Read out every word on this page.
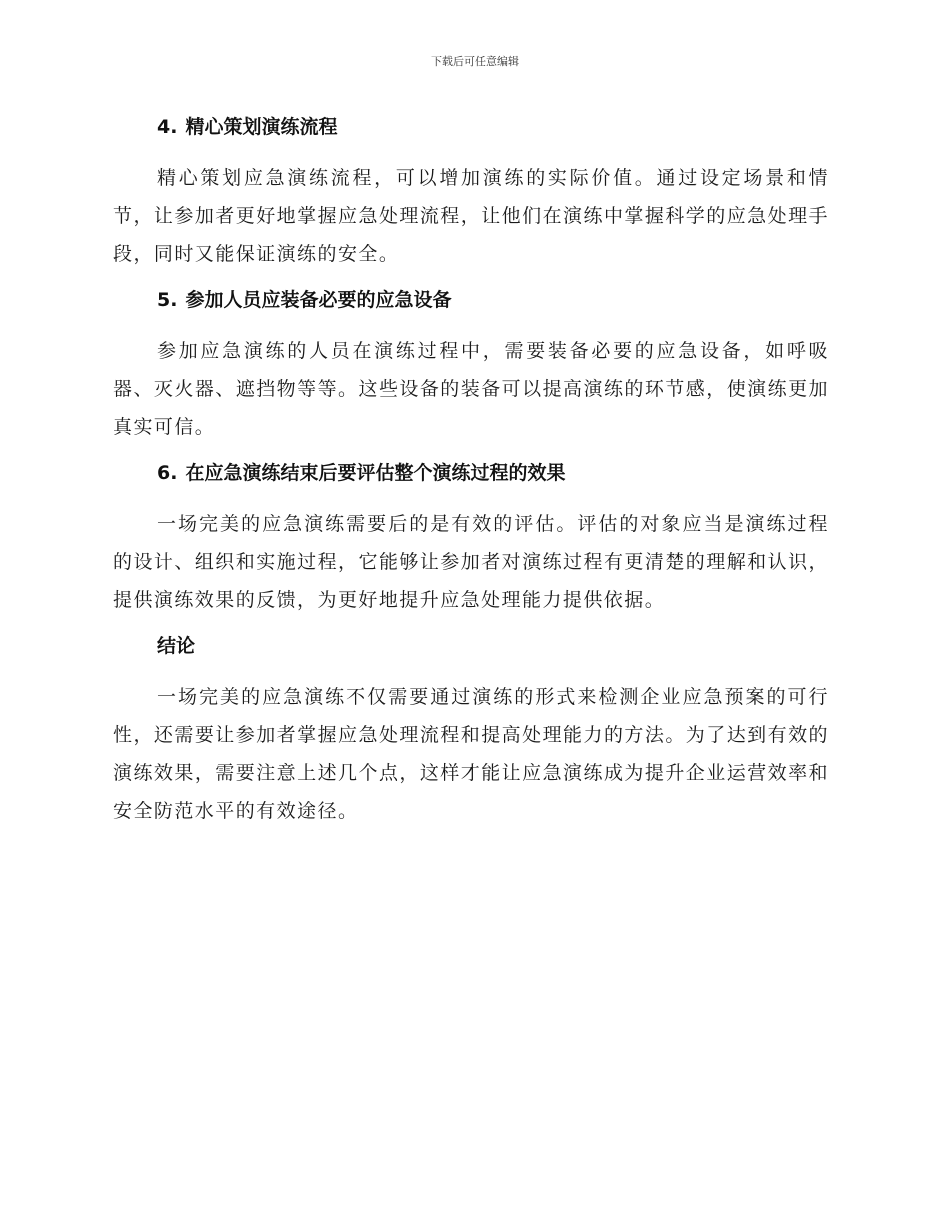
下载后可任意编辑
4. 精心策划演练流程

精心策划应急演练流程，可以增加演练的实际价值。通过设定场景和情节，让参加者更好地掌握应急处理流程，让他们在演练中掌握科学的应急处理手段，同时又能保证演练的安全。

5. 参加人员应装备必要的应急设备

参加应急演练的人员在演练过程中，需要装备必要的应急设备，如呼吸器、灭火器、遮挡物等等。这些设备的装备可以提高演练的环节感，使演练更加真实可信。

6. 在应急演练结束后要评估整个演练过程的效果

一场完美的应急演练需要后的是有效的评估。评估的对象应当是演练过程的设计、组织和实施过程，它能够让参加者对演练过程有更清楚的理解和认识，提供演练效果的反馈，为更好地提升应急处理能力提供依据。

结论

一场完美的应急演练不仅需要通过演练的形式来检测企业应急预案的可行性，还需要让参加者掌握应急处理流程和提高处理能力的方法。为了达到有效的演练效果，需要注意上述几个点，这样才能让应急演练成为提升企业运营效率和安全防范水平的有效途径。
